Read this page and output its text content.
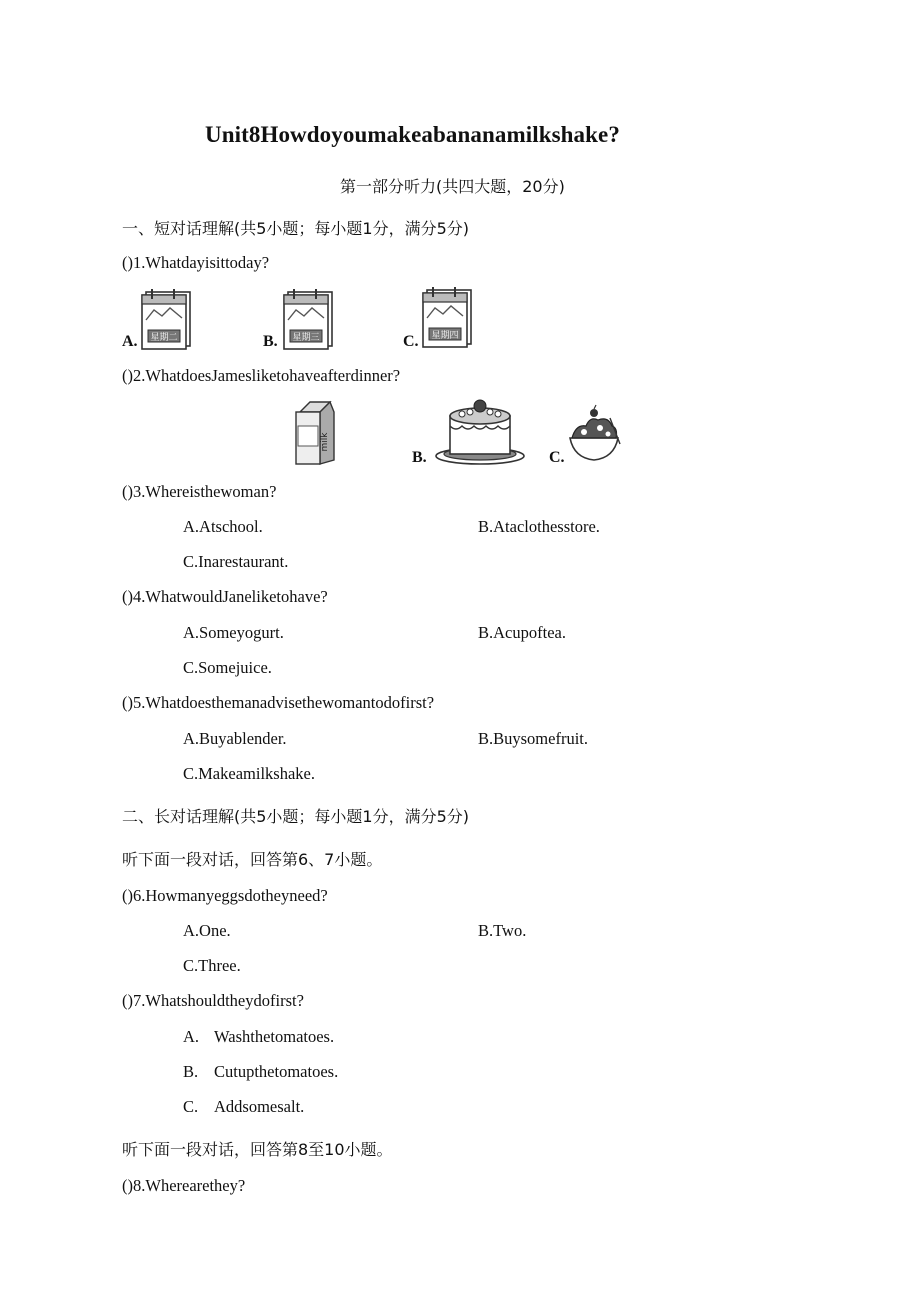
Unit8Howdoyoumakeabananamilkshake?
第一部分听力(共四大题，20分)
一、短对话理解(共5小题；每小题1分，满分5分)
()1.Whatdayisittoday?
A. 星期二	B. 星期三	C. 星期四
()2.WhatdoesJamesliketohaveafterdinner?
milk
B.	C.
()3.Whereisthewoman?
A.Atschool.	B.Ataclothesstore.
C.Inarestaurant.
()4.WhatwouldJaneliketohave?
A.Someyogurt.	B.Acupoftea.
C.Somejuice.
()5.Whatdoesthemanadvisethewomantodofirst?
A.Buyablender.	B.Buysomefruit.
C.Makeamilkshake.
二、长对话理解(共5小题；每小题1分，满分5分)
听下面一段对话，回答第6、7小题。
()6.Howmanyeggsdotheyneed?
A.One.	B.Two.
C.Three.
()7.Whatshouldtheydofirst?
A. Washthetomatoes.
B. Cutupthetomatoes.
C. Addsomesalt.
听下面一段对话，回答第8至10小题。
()8.Wherearethey?
